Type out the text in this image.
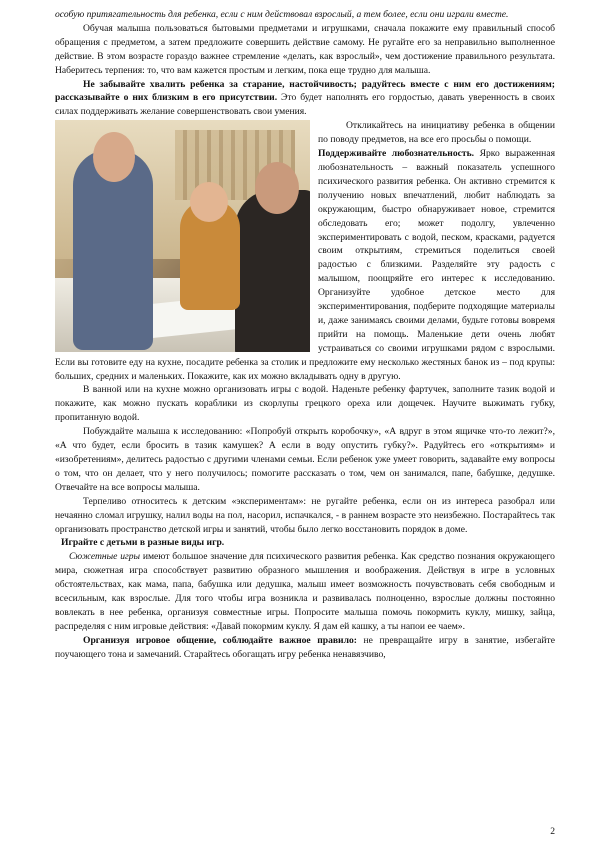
особую притягательность для ребенка, если с ним действовал взрослый, а тем более, если они играли вместе.

Обучая малыша пользоваться бытовыми предметами и игрушками, сначала покажите ему правильный способ обращения с предметом, а затем предложите совершить действие самому. Не ругайте его за неправильно выполненное действие. В этом возрасте гораздо важнее стремление «делать, как взрослый», чем достижение правильного результата. Наберитесь терпения: то, что вам кажется простым и легким, пока еще трудно для малыша.

Не забывайте хвалить ребенка за старание, настойчивость; радуйтесь вместе с ним его достижениям; рассказывайте о них близким в его присутствии. Это будет наполнять его гордостью, давать уверенность в своих силах поддерживать желание совершенствовать свои умения.

Откликайтесь на инициативу ребенка в общении по поводу предметов, на все его просьбы о помощи.

Поддерживайте любознательность. Ярко выраженная любознательность – важный показатель успешного психического развития ребенка. Он активно стремится к получению новых впечатлений, любит наблюдать за окружающим, быстро обнаруживает новое, стремится обследовать его; может подолгу, увлеченно экспериментировать с водой, песком, красками, радуется своим открытиям, стремиться поделиться своей радостью с близкими. Разделяйте эту радость с малышом, поощряйте его интерес к исследованию. Организуйте удобное детское место для экспериментирования, подберите подходящие материалы и, даже занимаясь своими делами, будьте готовы вовремя прийти на помощь. Маленькие дети очень любят устраиваться со своими игрушками рядом с взрослыми. Если вы готовите еду на кухне, посадите ребенка за столик и предложите ему несколько жестяных банок из – под крупы: больших, средних и маленьких. Покажите, как их можно вкладывать одну в другую.

В ванной или на кухне можно организовать игры с водой. Наденьте ребенку фартучек, заполните тазик водой и покажите, как можно пускать кораблики из скорлупы грецкого ореха или дощечек. Научите выжимать губку, пропитанную водой.

Побуждайте малыша к исследованию: «Попробуй открыть коробочку», «А вдруг в этом ящичке что-то лежит?», «А что будет, если бросить в тазик камушек? А если в воду опустить губку?». Радуйтесь его «открытиям» и «изобретениям», делитесь радостью с другими членами семьи. Если ребенок уже умеет говорить, задавайте ему вопросы о том, что он делает, что у него получилось; помогите рассказать о том, чем он занимался, папе, бабушке, дедушке. Отвечайте на все вопросы малыша.

Терпеливо относитесь к детским «экспериментам»: не ругайте ребенка, если он из интереса разобрал или нечаянно сломал игрушку, налил воды на пол, насорил, испачкался, - в раннем возрасте это неизбежно. Постарайтесь так организовать пространство детской игры и занятий, чтобы было легко восстановить порядок в доме.

Играйте с детьми в разные виды игр.

Сюжетные игры имеют большое значение для психического развития ребенка. Как средство познания окружающего мира, сюжетная игра способствует развитию образного мышления и воображения. Действуя в игре в условных обстоятельствах, как мама, папа, бабушка или дедушка, малыш имеет возможность почувствовать себя свободным и всесильным, как взрослые. Для того чтобы игра возникла и развивалась полноценно, взрослые должны постоянно вовлекать в нее ребенка, организуя совместные игры. Попросите малыша помочь покормить куклу, мишку, зайца, распределяя с ним игровые действия: «Давай покормим куклу. Я дам ей кашку, а ты напои ее чаем».

Организуя игровое общение, соблюдайте важное правило: не превращайте игру в занятие, избегайте поучающего тона и замечаний. Старайтесь обогащать игру ребенка ненавязчиво,

2
